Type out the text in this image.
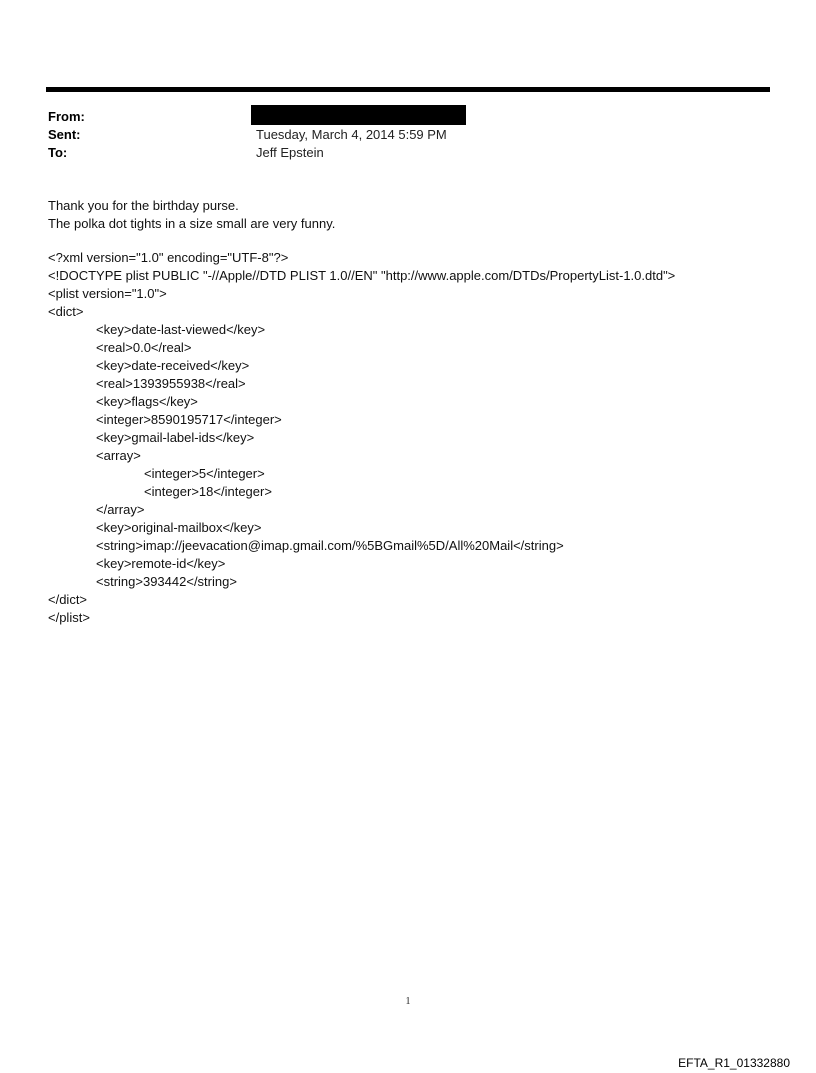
From:
Sent:	Tuesday, March 4, 2014 5:59 PM
To:	Jeff Epstein
Thank you for the birthday purse.
The polka dot tights in a size small are very funny.
<?xml version="1.0" encoding="UTF-8"?>
<!DOCTYPE plist PUBLIC "-//Apple//DTD PLIST 1.0//EN" "http://www.apple.com/DTDs/PropertyList-1.0.dtd">
<plist version="1.0">
<dict>
<key>date-last-viewed</key>
<real>0.0</real>
<key>date-received</key>
<real>1393955938</real>
<key>flags</key>
<integer>8590195717</integer>
<key>gmail-label-ids</key>
<array>
<integer>5</integer>
<integer>18</integer>
</array>
<key>original-mailbox</key>
<string>imap://jeevacation@imap.gmail.com/%5BGmail%5D/All%20Mail</string>
<key>remote-id</key>
<string>393442</string>
</dict>
</plist>
1
EFTA_R1_01332880
